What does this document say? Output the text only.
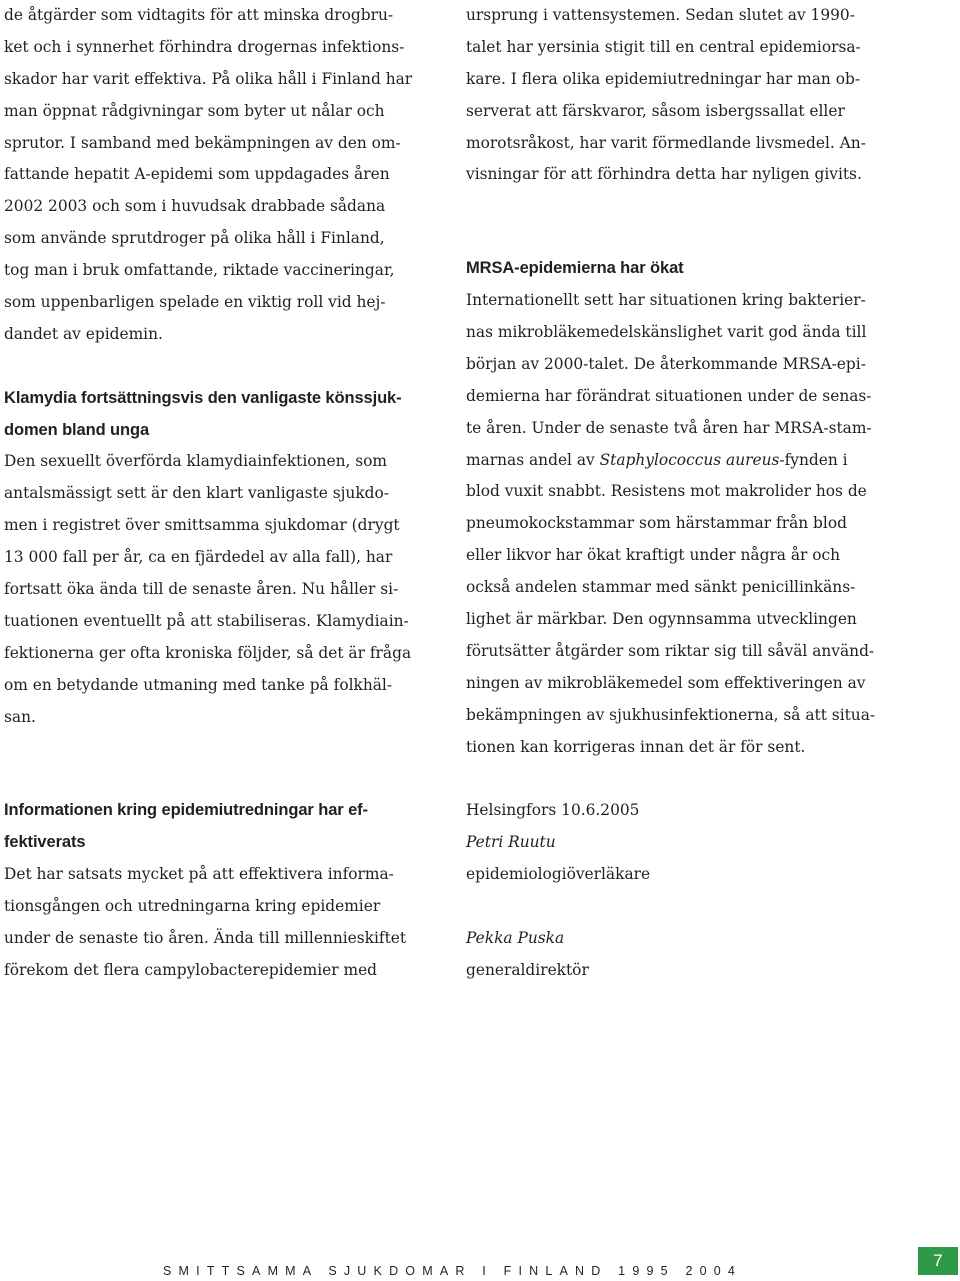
de åtgärder som vidtagits för att minska drogbru-
ket och i synnerhet förhindra drogernas infektions-
skador har varit effektiva. På olika håll i Finland har
man öppnat rådgivningar som byter ut nålar och
sprutor. I samband med bekämpningen av den om-
fattande hepatit A-epidemi som uppdagades åren
2002 2003 och som i huvudsak drabbade sådana
som använde sprutdroger på olika håll i Finland,
tog man i bruk omfattande, riktade vaccineringar,
som uppenbarligen spelade en viktig roll vid hej-
dandet av epidemin.
Klamydia fortsättningsvis den vanligaste könssjuk-
domen bland unga
Den sexuellt överförda klamydiainfektionen, som
antalsmässigt sett är den klart vanligaste sjukdo-
men i registret över smittsamma sjukdomar (drygt
13 000 fall per år, ca en fjärdedel av alla fall), har
fortsatt öka ända till de senaste åren. Nu håller si-
tuationen eventuellt på att stabiliseras. Klamydiain-
fektionerna ger ofta kroniska följder, så det är fråga
om en betydande utmaning med tanke på folkhäl-
san.
Informationen kring epidemiutredningar har ef-
fektiverats
Det har satsats mycket på att effektivera informa-
tionsgången och utredningarna kring epidemier
under de senaste tio åren. Ända till millennieskiftet
förekom det flera campylobacterepidemier med
ursprung i vattensystemen. Sedan slutet av 1990-
talet har yersinia stigit till en central epidemiorsa-
kare. I flera olika epidemiutredningar har man ob-
serverat att färskvaror, såsom isbergssallat eller
morotsråkost, har varit förmedlande livsmedel. An-
visningar för att förhindra detta har nyligen givits.
MRSA-epidemierna har ökat
Internationellt sett har situationen kring bakterier-
nas mikrobläkemedelskänslighet varit god ända till
början av 2000-talet. De återkommande MRSA-epi-
demierna har förändrat situationen under de senas-
te åren. Under de senaste två åren har MRSA-stam-
marnas andel av Staphylococcus aureus-fynden i
blod vuxit snabbt. Resistens mot makrolider hos de
pneumokockstammar som härstammar från blod
eller likvor har ökat kraftigt under några år och
också andelen stammar med sänkt penicillinkäns-
lighet är märkbar. Den ogynnsamma utvecklingen
förutsätter åtgärder som riktar sig till såväl använd-
ningen av mikrobläkemedel som effektiveringen av
bekämpningen av sjukhusinfektionerna, så att situa-
tionen kan korrigeras innan det är för sent.
Helsingfors 10.6.2005
Petri Ruutu
epidemiologiöverläkare
Pekka Puska
generaldirektör
SMITTSAMMA SJUKDOMAR I FINLAND 1995 2004
7
